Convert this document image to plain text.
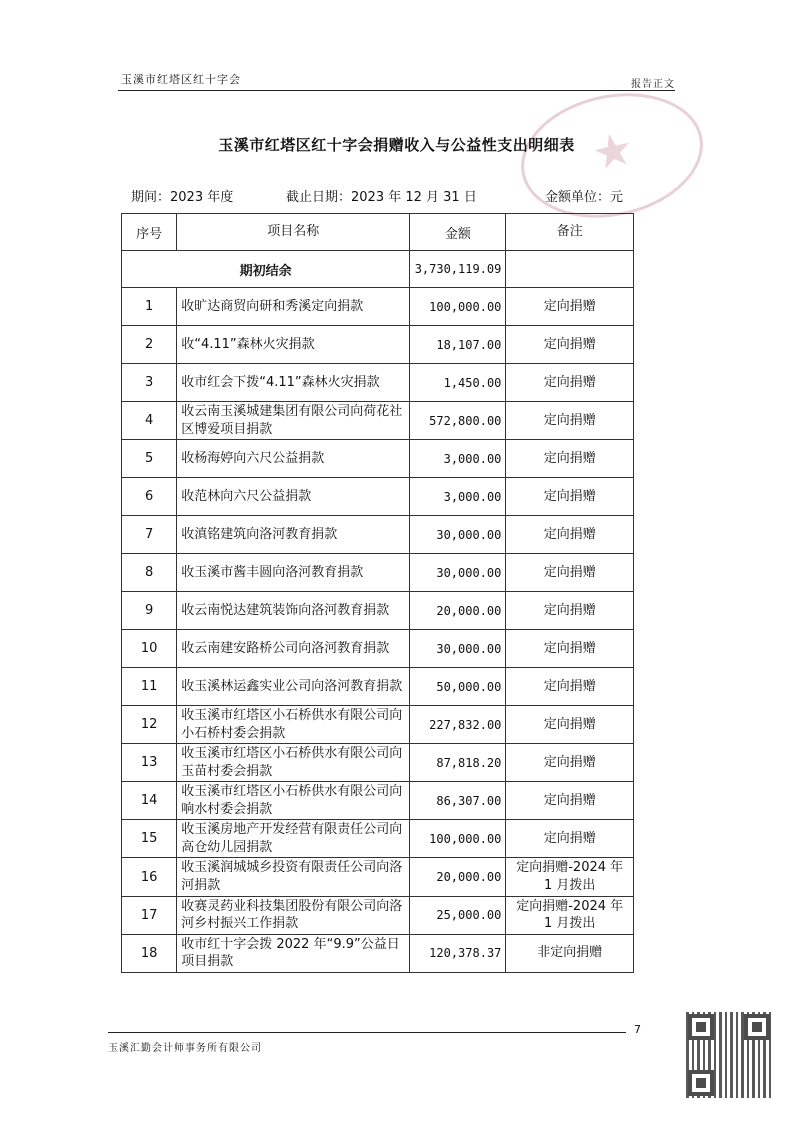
玉溪市红塔区红十字会	报告正文
★
玉溪市红塔区红十字会捐赠收入与公益性支出明细表
期间：2023 年度	截止日期：2023 年 12 月 31 日	金额单位：元
序号	项目名称	金额	备注
期初结余		3,730,119.09	
1	收旷达商贸向研和秀溪定向捐款	100,000.00	定向捐赠
2	收“4.11”森林火灾捐款	18,107.00	定向捐赠
3	收市红会下拨“4.11”森林火灾捐款	1,450.00	定向捐赠
4	收云南玉溪城建集团有限公司向荷花社区博爱项目捐款	572,800.00	定向捐赠
5	收杨海婷向六尺公益捐款	3,000.00	定向捐赠
6	收范林向六尺公益捐款	3,000.00	定向捐赠
7	收滇铭建筑向洛河教育捐款	30,000.00	定向捐赠
8	收玉溪市酱丰圆向洛河教育捐款	30,000.00	定向捐赠
9	收云南悦达建筑装饰向洛河教育捐款	20,000.00	定向捐赠
10	收云南建安路桥公司向洛河教育捐款	30,000.00	定向捐赠
11	收玉溪林运鑫实业公司向洛河教育捐款	50,000.00	定向捐赠
12	收玉溪市红塔区小石桥供水有限公司向小石桥村委会捐款	227,832.00	定向捐赠
13	收玉溪市红塔区小石桥供水有限公司向玉苗村委会捐款	87,818.20	定向捐赠
14	收玉溪市红塔区小石桥供水有限公司向响水村委会捐款	86,307.00	定向捐赠
15	收玉溪房地产开发经营有限责任公司向高仓幼儿园捐款	100,000.00	定向捐赠
16	收玉溪润城城乡投资有限责任公司向洛河捐款	20,000.00	定向捐赠-2024 年 1 月拨出
17	收赛灵药业科技集团股份有限公司向洛河乡村振兴工作捐款	25,000.00	定向捐赠-2024 年 1 月拨出
18	收市红十字会拨 2022 年“9.9”公益日项目捐款	120,378.37	非定向捐赠
7
玉溪汇勤会计师事务所有限公司
